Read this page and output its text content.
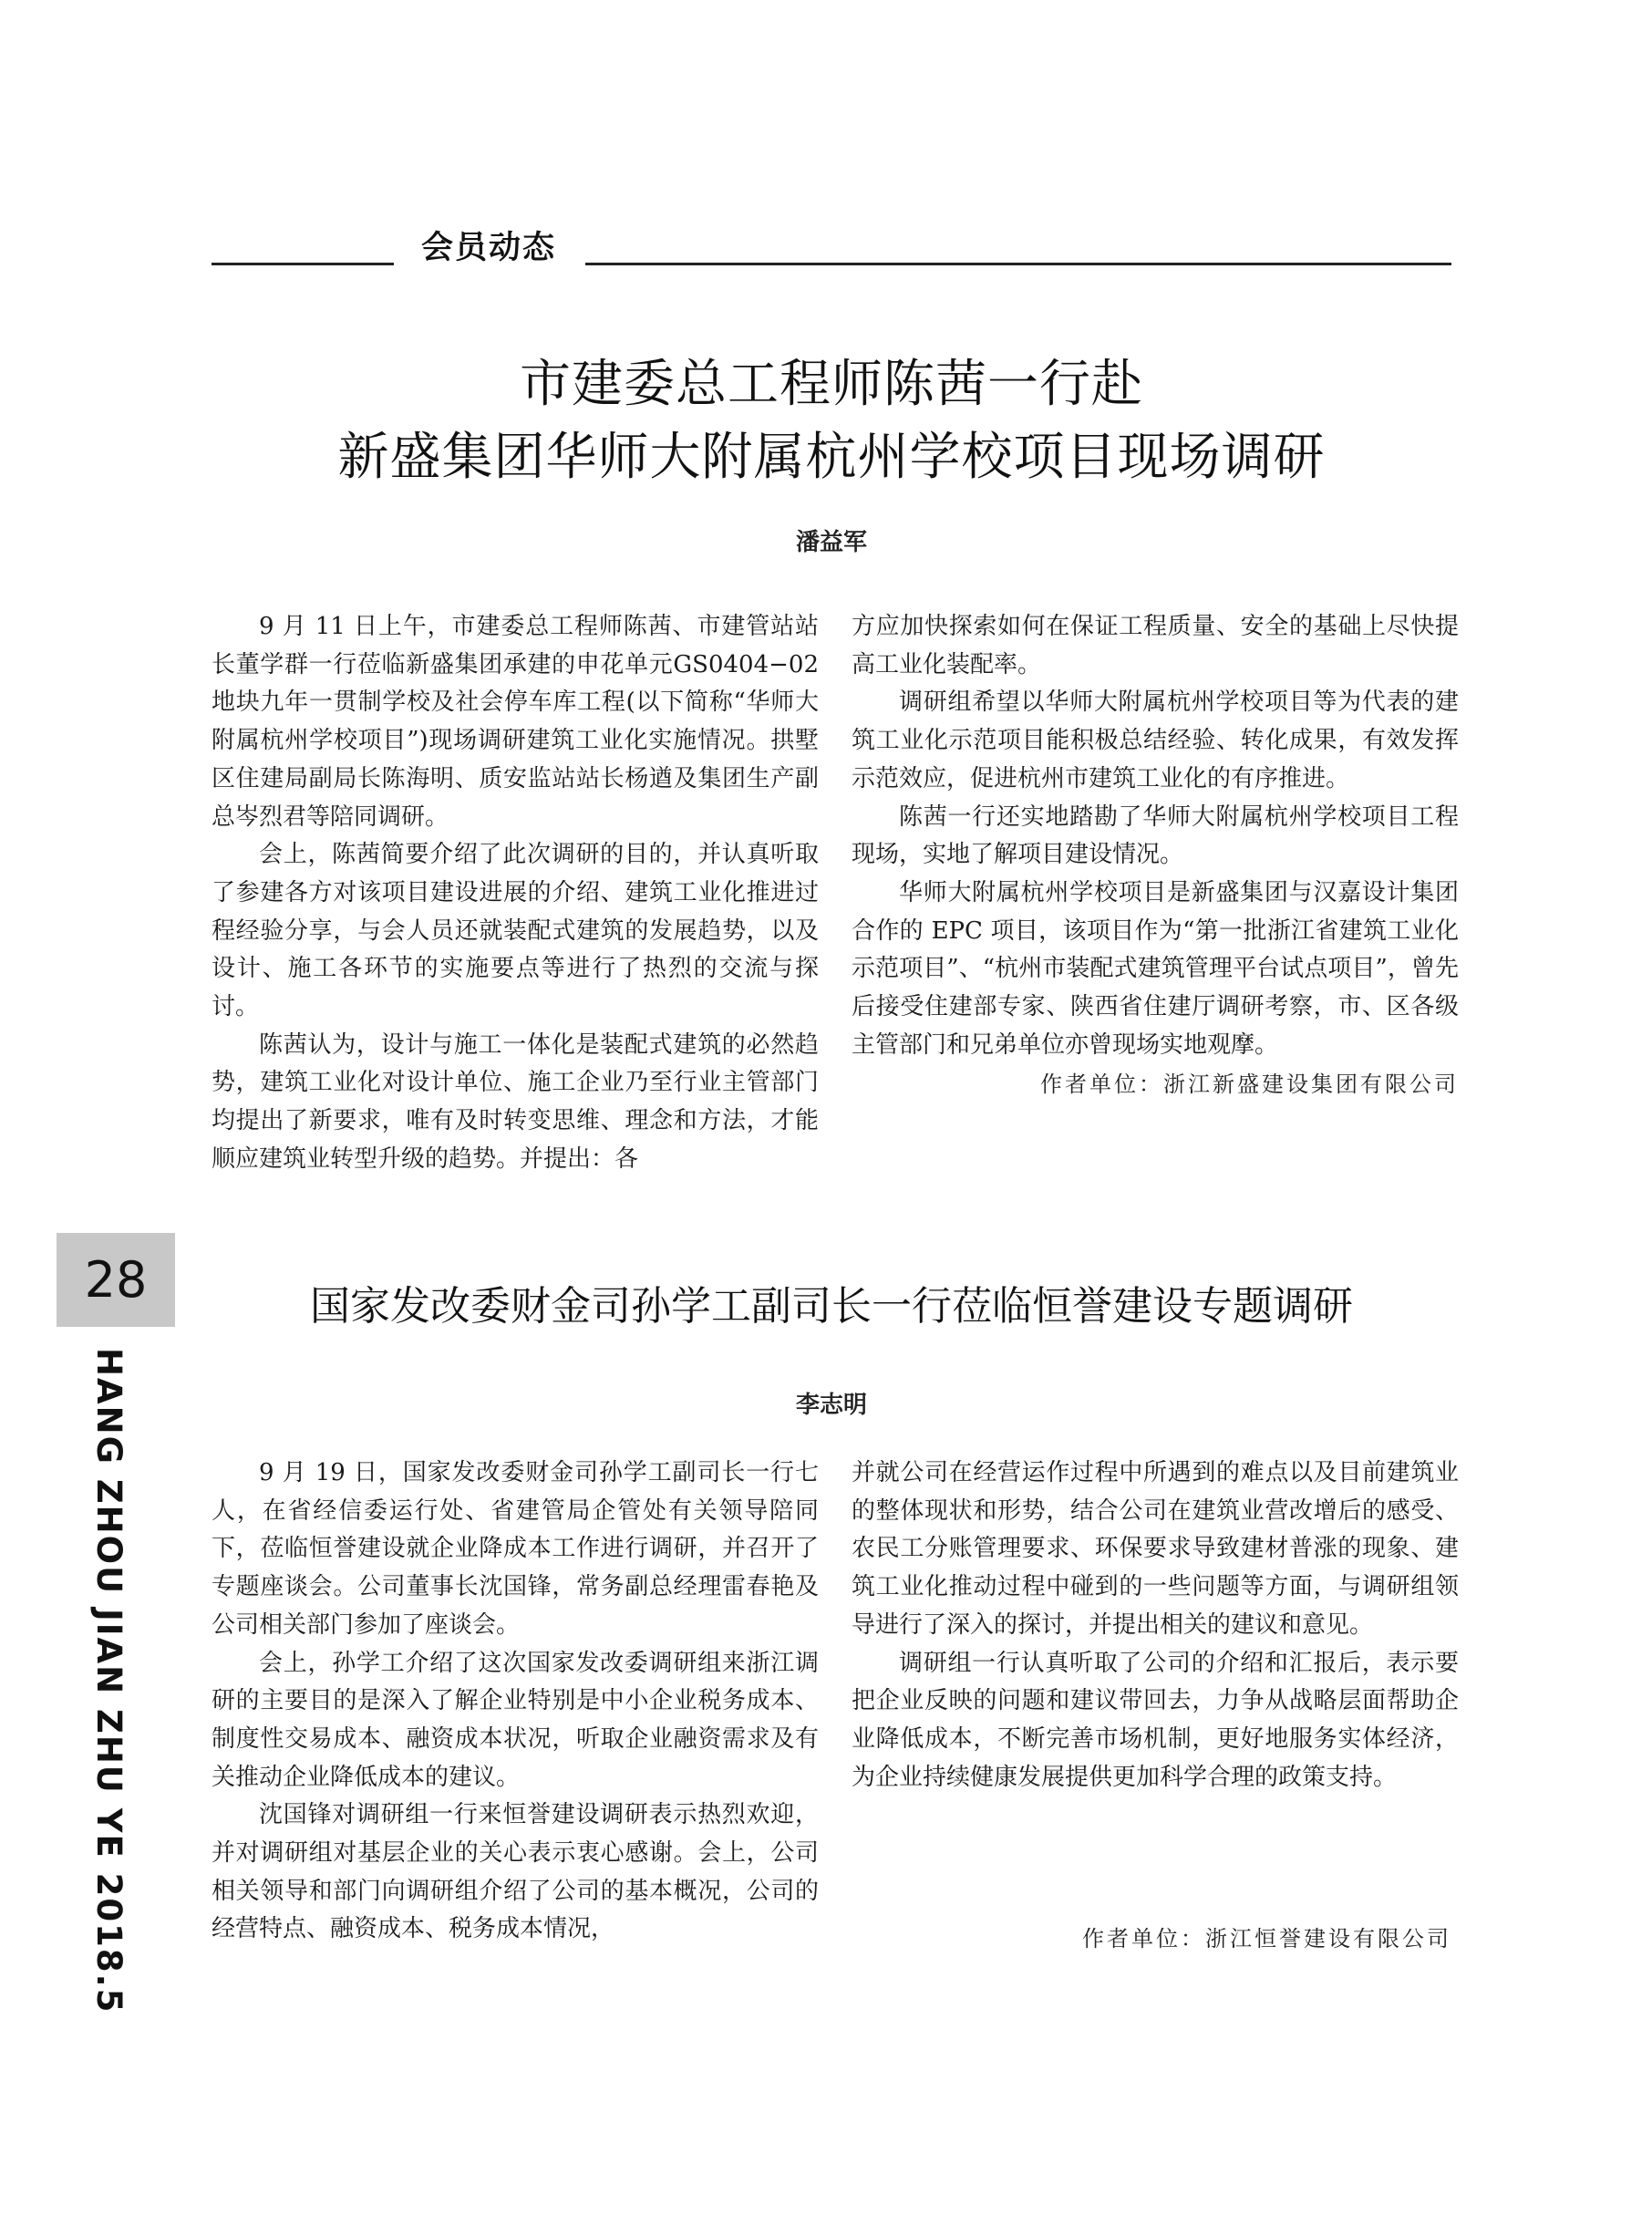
会员动态
市建委总工程师陈茜一行赴
新盛集团华师大附属杭州学校项目现场调研
潘益军

9 月 11 日上午，市建委总工程师陈茜、市建管站站长董学群一行莅临新盛集团承建的申花单元GS0404−02 地块九年一贯制学校及社会停车库工程(以下简称“华师大附属杭州学校项目”)现场调研建筑工业化实施情况。拱墅区住建局副局长陈海明、质安监站站长杨遒及集团生产副总岑烈君等陪同调研。

会上，陈茜简要介绍了此次调研的目的，并认真听取了参建各方对该项目建设进展的介绍、建筑工业化推进过程经验分享，与会人员还就装配式建筑的发展趋势，以及设计、施工各环节的实施要点等进行了热烈的交流与探讨。

陈茜认为，设计与施工一体化是装配式建筑的必然趋势，建筑工业化对设计单位、施工企业乃至行业主管部门均提出了新要求，唯有及时转变思维、理念和方法，才能顺应建筑业转型升级的趋势。并提出：各

方应加快探索如何在保证工程质量、安全的基础上尽快提高工业化装配率。

调研组希望以华师大附属杭州学校项目等为代表的建筑工业化示范项目能积极总结经验、转化成果，有效发挥示范效应，促进杭州市建筑工业化的有序推进。

陈茜一行还实地踏勘了华师大附属杭州学校项目工程现场，实地了解项目建设情况。

华师大附属杭州学校项目是新盛集团与汉嘉设计集团合作的 EPC 项目，该项目作为“第一批浙江省建筑工业化示范项目”、“杭州市装配式建筑管理平台试点项目”，曾先后接受住建部专家、陕西省住建厅调研考察，市、区各级主管部门和兄弟单位亦曾现场实地观摩。

作者单位：浙江新盛建设集团有限公司
28
HANG ZHOU JIAN ZHU YE 2018.5
国家发改委财金司孙学工副司长一行莅临恒誉建设专题调研
李志明

9 月 19 日，国家发改委财金司孙学工副司长一行七人，在省经信委运行处、省建管局企管处有关领导陪同下，莅临恒誉建设就企业降成本工作进行调研，并召开了专题座谈会。公司董事长沈国锋，常务副总经理雷春艳及公司相关部门参加了座谈会。

会上，孙学工介绍了这次国家发改委调研组来浙江调研的主要目的是深入了解企业特别是中小企业税务成本、制度性交易成本、融资成本状况，听取企业融资需求及有关推动企业降低成本的建议。

沈国锋对调研组一行来恒誉建设调研表示热烈欢迎，并对调研组对基层企业的关心表示衷心感谢。会上，公司相关领导和部门向调研组介绍了公司的基本概况，公司的经营特点、融资成本、税务成本情况，

并就公司在经营运作过程中所遇到的难点以及目前建筑业的整体现状和形势，结合公司在建筑业营改增后的感受、农民工分账管理要求、环保要求导致建材普涨的现象、建筑工业化推动过程中碰到的一些问题等方面，与调研组领导进行了深入的探讨，并提出相关的建议和意见。

调研组一行认真听取了公司的介绍和汇报后，表示要把企业反映的问题和建议带回去，力争从战略层面帮助企业降低成本，不断完善市场机制，更好地服务实体经济，为企业持续健康发展提供更加科学合理的政策支持。

作者单位：浙江恒誉建设有限公司
